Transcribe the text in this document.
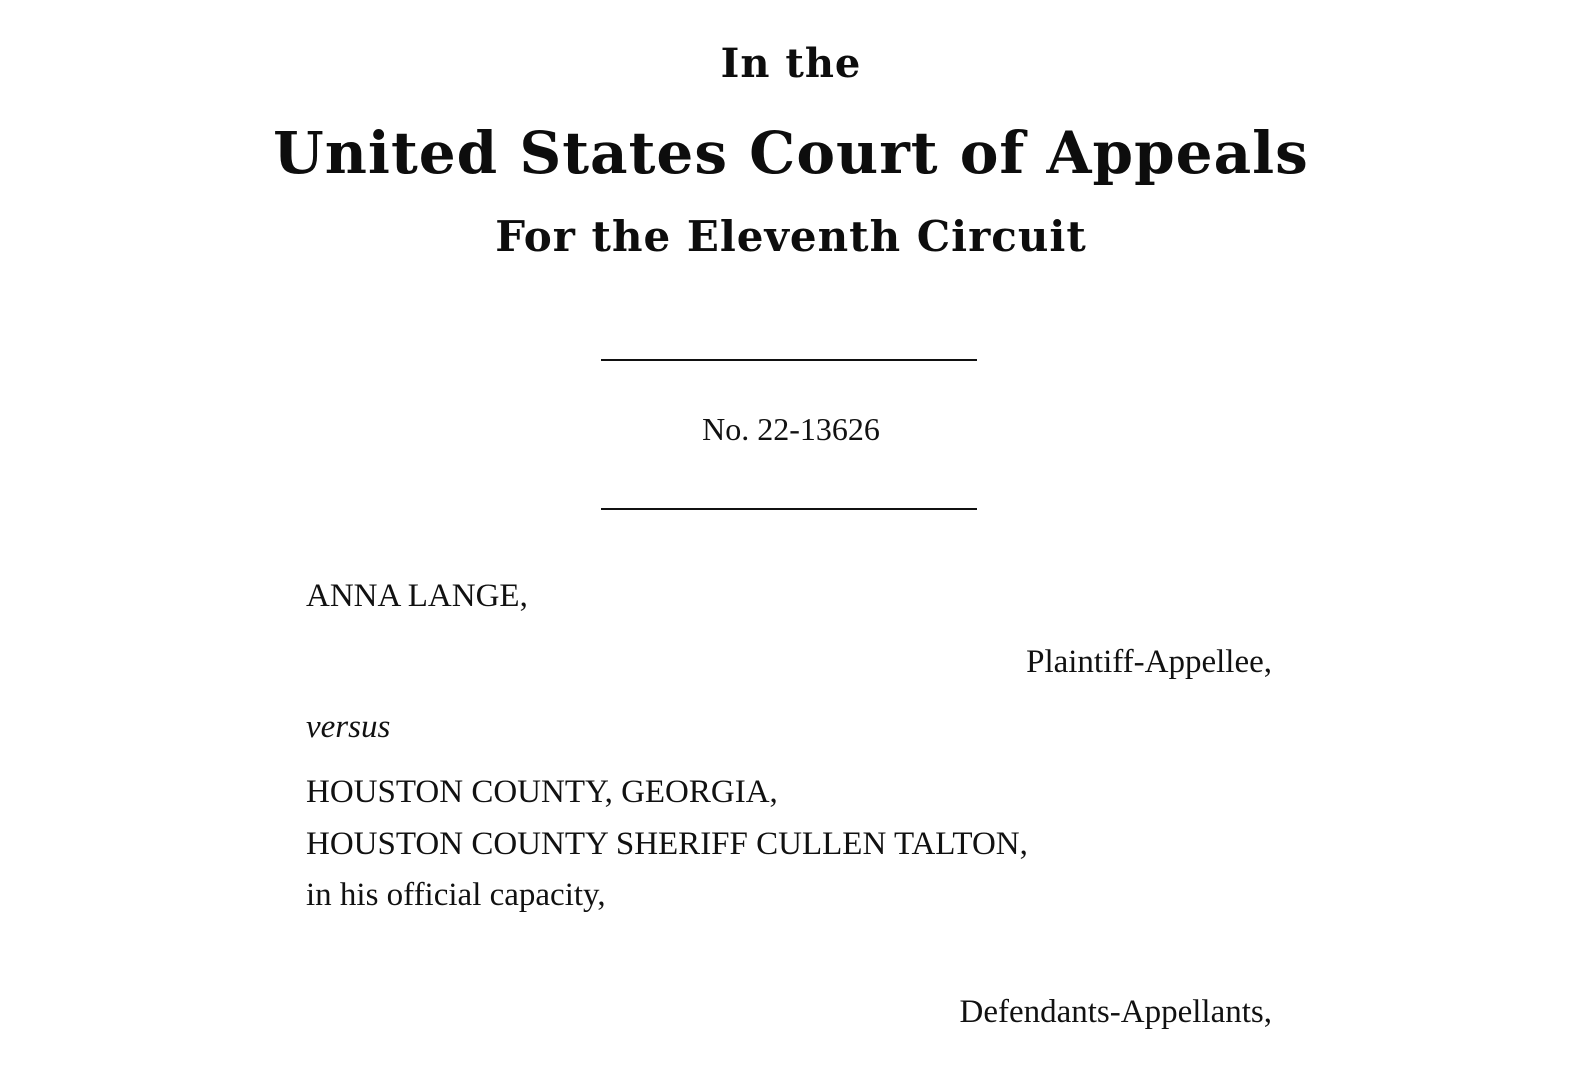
In the
United States Court of Appeals
For the Eleventh Circuit
No. 22-13626
ANNA LANGE,
Plaintiff-Appellee,
versus
HOUSTON COUNTY, GEORGIA,
HOUSTON COUNTY SHERIFF CULLEN TALTON,
in his official capacity,
Defendants-Appellants,
